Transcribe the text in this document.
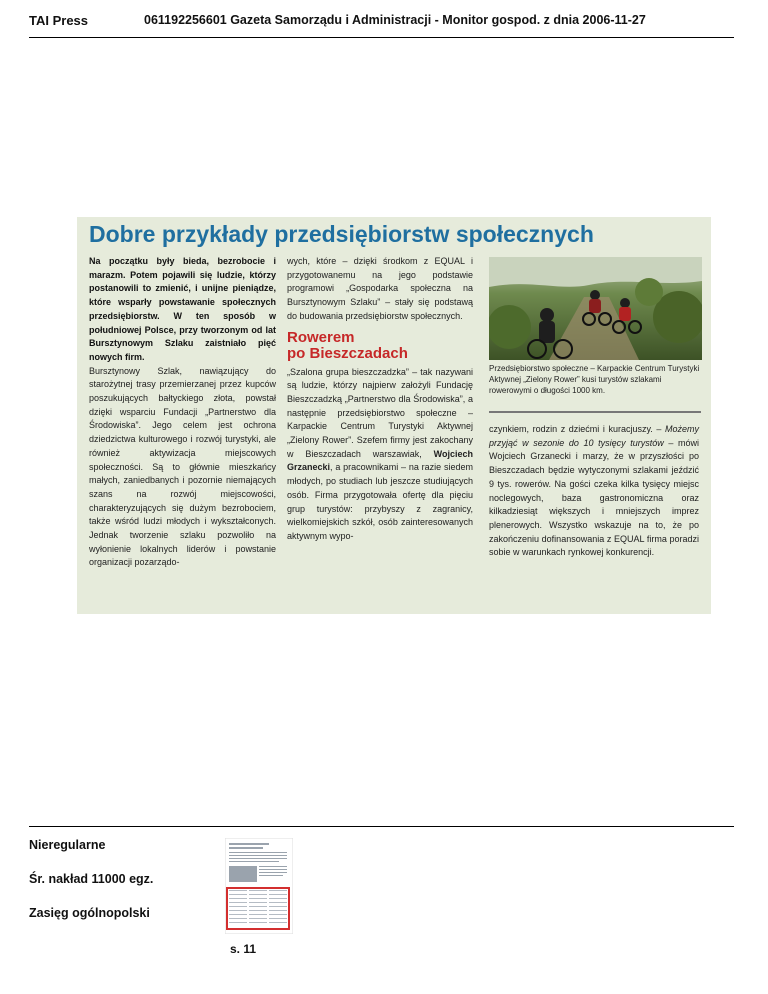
TAI Press	061192256601 Gazeta Samorządu i Administracji - Monitor gospod. z dnia 2006-11-27
Dobre przykłady przedsiębiorstw społecznych

Na początku były bieda, bezrobocie i marazm. Potem pojawili się ludzie, którzy postanowili to zmienić, i unijne pieniądze, które wsparły powstawanie społecznych przedsiębiorstw. W ten sposób w południowej Polsce, przy tworzonym od lat Bursztynowym Szlaku zaistniało pięć nowych firm.

Bursztynowy Szlak, nawiązujący do starożytnej trasy przemierzanej przez kupców poszukujących bałtyckiego złota, powstał dzięki wsparciu Fundacji „Partnerstwo dla Środowiska”. Jego celem jest ochrona dziedzictwa kulturowego i rozwój turystyki, ale również aktywizacja miejscowych społeczności. Są to głównie mieszkańcy małych, zaniedbanych i pozornie niemających szans na rozwój miejscowości, charakteryzujących się dużym bezrobociem, także wśród ludzi młodych i wykształconych. Jednak tworzenie szlaku pozwoliło na wyłonienie lokalnych liderów i powstanie organizacji pozarządo-

wych, które – dzięki środkom z EQUAL i przygotowanemu na jego podstawie programowi „Gospodarka społeczna na Bursztynowym Szlaku” – stały się podstawą do budowania przedsiębiorstw społecznych.

Rowerem
po Bieszczadach

„Szalona grupa bieszczadzka” – tak nazywani są ludzie, którzy najpierw założyli Fundację Bieszczadzką „Partnerstwo dla Środowiska”, a następnie przedsiębiorstwo społeczne – Karpackie Centrum Turystyki Aktywnej „Zielony Rower”. Szefem firmy jest zakochany w Bieszczadach warszawiak, Wojciech Grzanecki, a pracownikami – na razie siedem młodych, po studiach lub jeszcze studiujących osób. Firma przygotowała ofertę dla pięciu grup turystów: przybyszy z zagranicy, wielkomiejskich szkół, osób zainteresowanych aktywnym wypo-

Przedsiębiorstwo społeczne – Karpackie Centrum Turystyki Aktywnej „Zielony Rower” kusi turystów szlakami rowerowymi o długości 1000 km.

czynkiem, rodzin z dziećmi i kuracjuszy. – Możemy przyjąć w sezonie do 10 tysięcy turystów – mówi Wojciech Grzanecki i marzy, że w przyszłości po Bieszczadach będzie wytyczonymi szlakami jeździć 9 tys. rowerów. Na gości czeka kilka tysięcy miejsc noclegowych, baza gastronomiczna oraz kilkadziesiąt większych i mniejszych imprez plenerowych. Wszystko wskazuje na to, że po zakończeniu dofinansowania z EQUAL firma poradzi sobie w warunkach rynkowej konkurencji.

Nieregularne
Śr. nakład 11000 egz.
Zasięg ogólnopolski
s. 11
